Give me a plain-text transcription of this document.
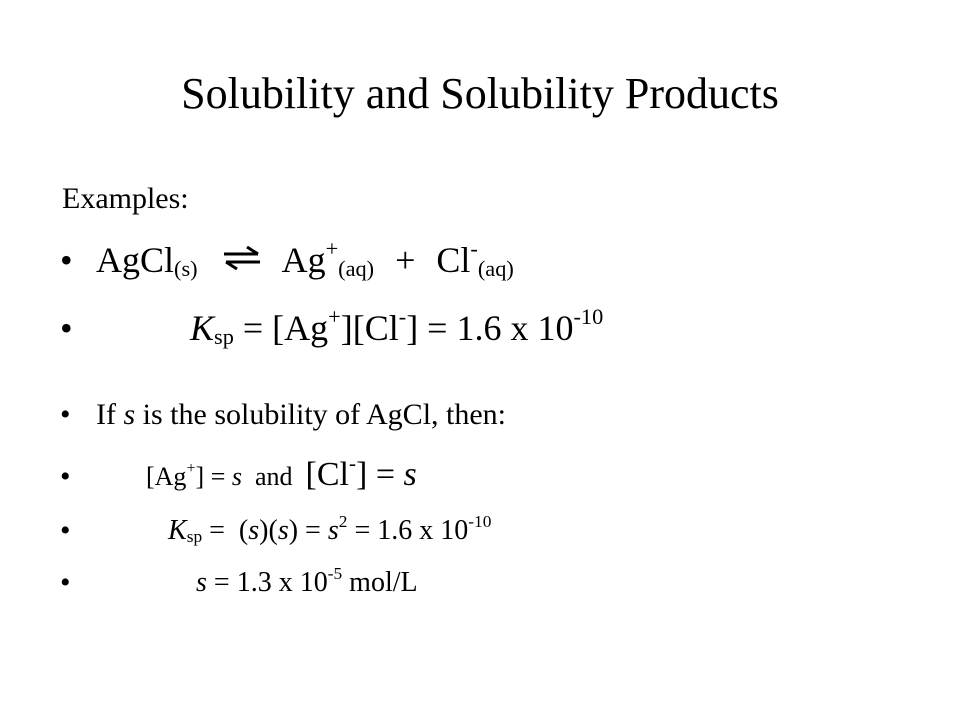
Solubility and Solubility Products
Examples:
• AgCl$_{(s)}$ ⇌ $Ag^+_{(aq)} + Cl^-_{(aq)}$
•	$K_{sp} = [Ag^+][Cl^-] = 1.6$ x $10^{-10}$
• If s is the solubility of AgCl, then:
•	[Ag+] = s  and  [Cl-] = s
•	$K_{sp} = (s)(s) = s^2 = 1.6$ x $10^{-10}$
•	s = 1.3 x $10^{-5}$ mol/L
